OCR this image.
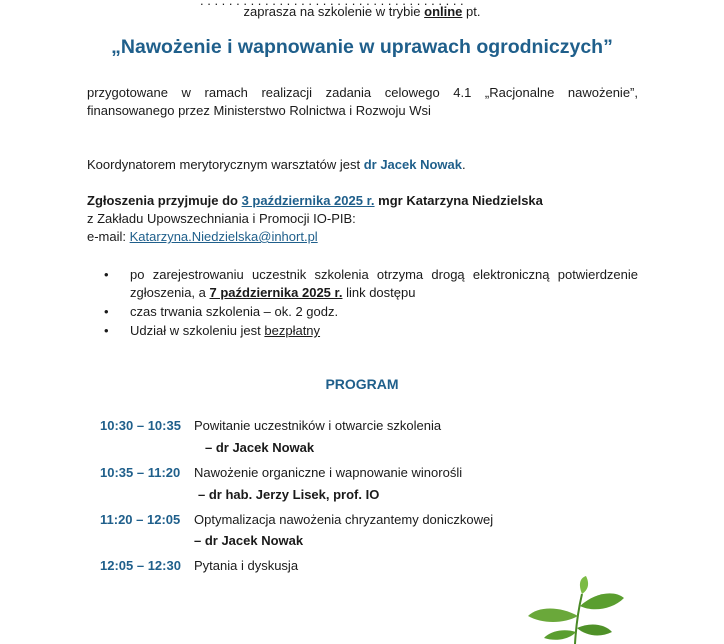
. . . . . . . . . . . . . . . . . . . . . . . . . . . . . . . . . . . . .
zaprasza na szkolenie w trybie online pt.
„Nawożenie i wapnowanie w uprawach ogrodniczych”
przygotowane w ramach realizacji zadania celowego 4.1 „Racjonalne nawożenie”, finansowanego przez Ministerstwo Rolnictwa i Rozwoju Wsi
Koordynatorem merytorycznym warsztatów jest dr Jacek Nowak.
Zgłoszenia przyjmuje do 3 października 2025 r. mgr Katarzyna Niedzielska
z Zakładu Upowszechniania i Promocji IO-PIB:
e-mail: Katarzyna.Niedzielska@inhort.pl
• po zarejestrowaniu uczestnik szkolenia otrzyma drogą elektroniczną potwierdzenie zgłoszenia, a 7 października 2025 r. link dostępu
• czas trwania szkolenia – ok. 2 godz.
• Udział w szkoleniu jest bezpłatny
PROGRAM
10:30 – 10:35 Powitanie uczestników i otwarcie szkolenia
– dr Jacek Nowak
10:35 – 11:20 Nawożenie organiczne i wapnowanie winorośli
– dr hab. Jerzy Lisek, prof. IO
11:20 – 12:05 Optymalizacja nawożenia chryzantemy doniczkowej
– dr Jacek Nowak
12:05 – 12:30 Pytania i dyskusja
